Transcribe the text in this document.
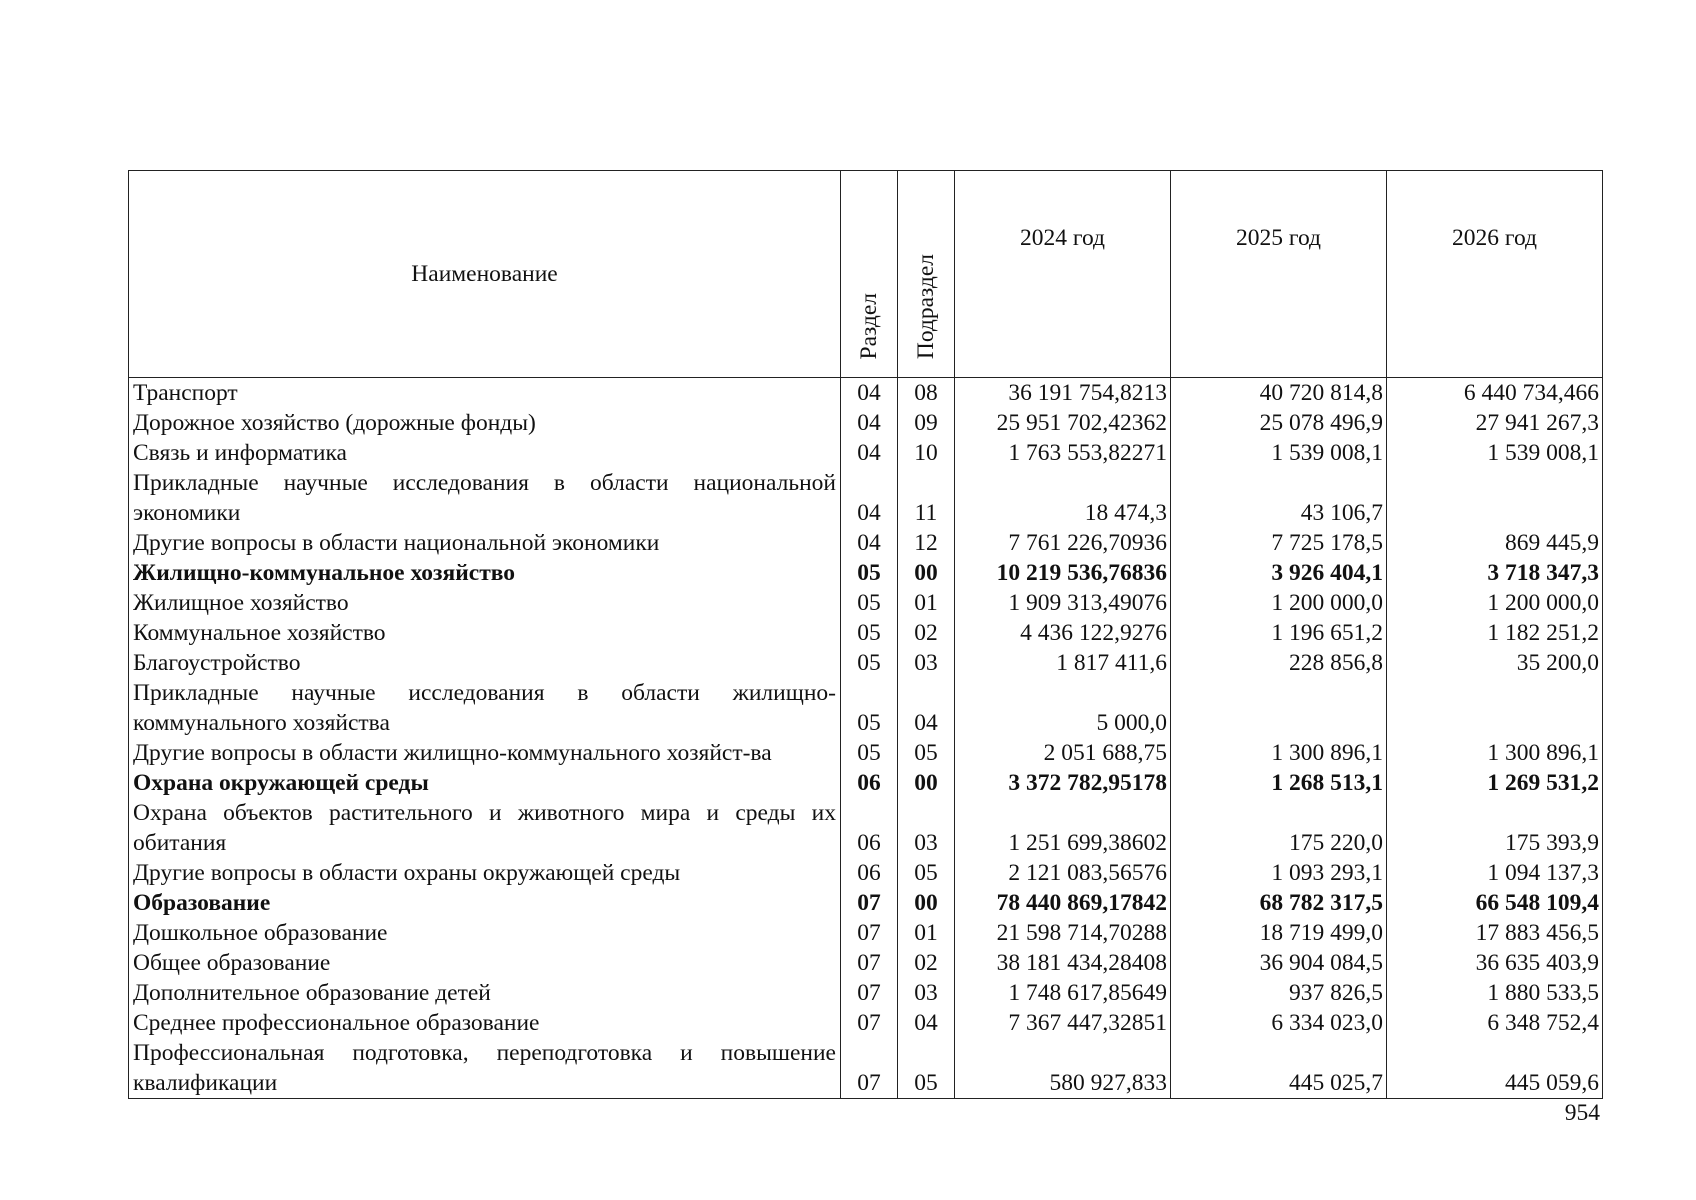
Наименование	Раздел	Подраздел	2024 год	2025 год	2026 год
Транспорт	04	08	36 191 754,8213	40 720 814,8	6 440 734,466
Дорожное хозяйство (дорожные фонды)	04	09	25 951 702,42362	25 078 496,9	27 941 267,3
Связь и информатика	04	10	1 763 553,82271	1 539 008,1	1 539 008,1
Прикладные научные исследования в области национальной экономики	04	11	18 474,3	43 106,7	
Другие вопросы в области национальной экономики	04	12	7 761 226,70936	7 725 178,5	869 445,9
Жилищно-коммунальное хозяйство	05	00	10 219 536,76836	3 926 404,1	3 718 347,3
Жилищное хозяйство	05	01	1 909 313,49076	1 200 000,0	1 200 000,0
Коммунальное хозяйство	05	02	4 436 122,9276	1 196 651,2	1 182 251,2
Благоустройство	05	03	1 817 411,6	228 856,8	35 200,0
Прикладные научные исследования в области жилищно-коммунального хозяйства	05	04	5 000,0		
Другие вопросы в области жилищно-коммунального хозяйст-ва	05	05	2 051 688,75	1 300 896,1	1 300 896,1
Охрана окружающей среды	06	00	3 372 782,95178	1 268 513,1	1 269 531,2
Охрана объектов растительного и животного мира и среды их обитания	06	03	1 251 699,38602	175 220,0	175 393,9
Другие вопросы в области охраны окружающей среды	06	05	2 121 083,56576	1 093 293,1	1 094 137,3
Образование	07	00	78 440 869,17842	68 782 317,5	66 548 109,4
Дошкольное образование	07	01	21 598 714,70288	18 719 499,0	17 883 456,5
Общее образование	07	02	38 181 434,28408	36 904 084,5	36 635 403,9
Дополнительное образование детей	07	03	1 748 617,85649	937 826,5	1 880 533,5
Среднее профессиональное образование	07	04	7 367 447,32851	6 334 023,0	6 348 752,4
Профессиональная подготовка, переподготовка и повышение квалификации	07	05	580 927,833	445 025,7	445 059,6
954
